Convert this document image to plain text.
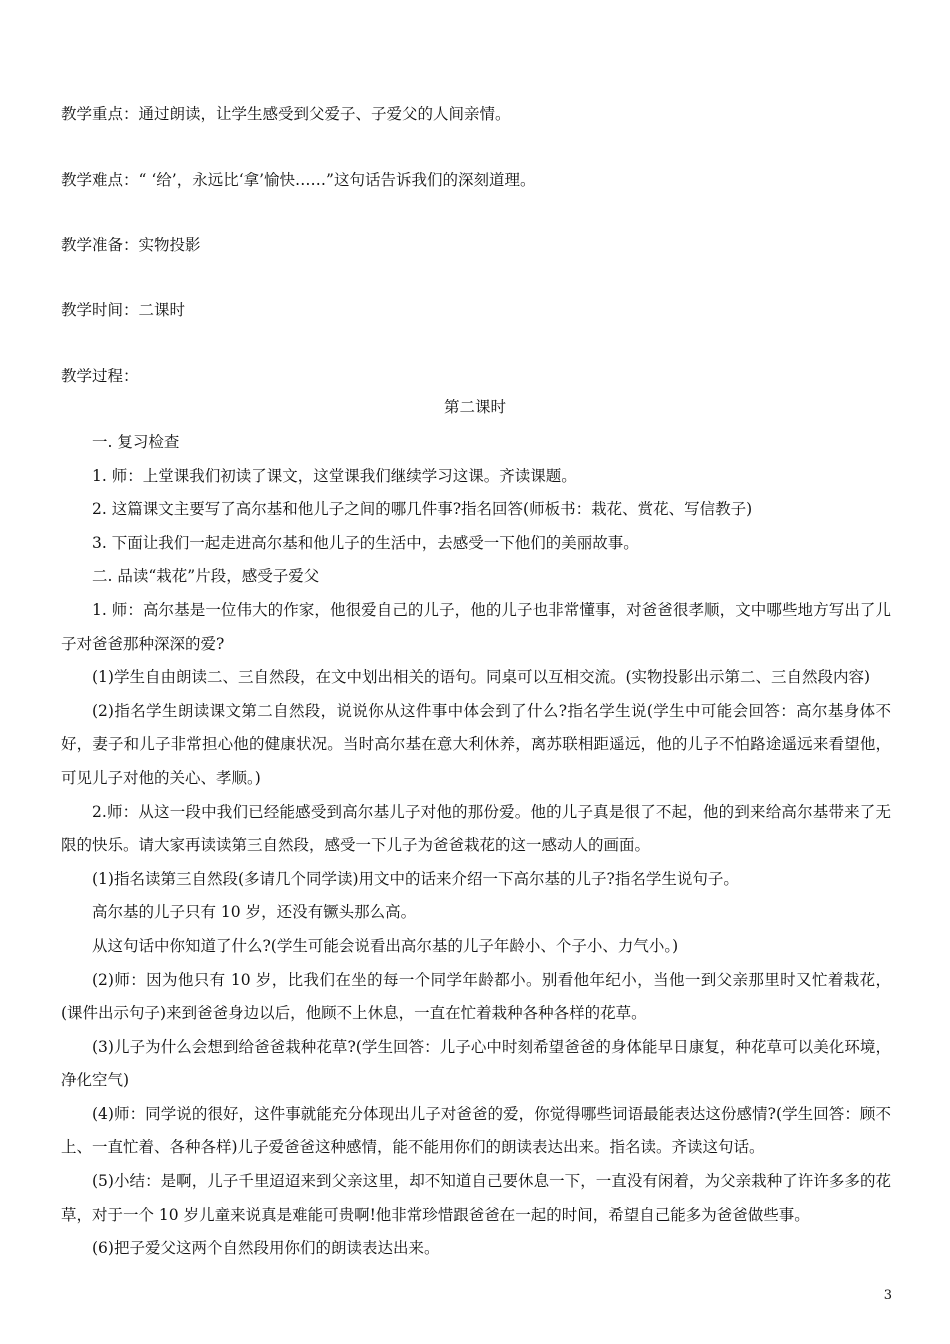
教学重点：通过朗读，让学生感受到父爱子、子爱父的人间亲情。
教学难点：“ ‘给’，永远比‘拿’愉快……”这句话告诉我们的深刻道理。
教学准备：实物投影
教学时间：二课时
教学过程：
第二课时

一. 复习检查

1. 师：上堂课我们初读了课文，这堂课我们继续学习这课。齐读课题。

2. 这篇课文主要写了高尔基和他儿子之间的哪几件事?指名回答(师板书：栽花、赏花、写信教子)

3. 下面让我们一起走进高尔基和他儿子的生活中，去感受一下他们的美丽故事。

二. 品读“栽花”片段，感受子爱父

1. 师：高尔基是一位伟大的作家，他很爱自己的儿子，他的儿子也非常懂事，对爸爸很孝顺，文中哪些地方写出了儿子对爸爸那种深深的爱?

(1)学生自由朗读二、三自然段，在文中划出相关的语句。同桌可以互相交流。(实物投影出示第二、三自然段内容)

(2)指名学生朗读课文第二自然段，说说你从这件事中体会到了什么?指名学生说(学生中可能会回答：高尔基身体不好，妻子和儿子非常担心他的健康状况。当时高尔基在意大利休养，离苏联相距遥远，他的儿子不怕路途遥远来看望他，可见儿子对他的关心、孝顺。)

2.师：从这一段中我们已经能感受到高尔基儿子对他的那份爱。他的儿子真是很了不起，他的到来给高尔基带来了无限的快乐。请大家再读读第三自然段，感受一下儿子为爸爸栽花的这一感动人的画面。

(1)指名读第三自然段(多请几个同学读)用文中的话来介绍一下高尔基的儿子?指名学生说句子。

高尔基的儿子只有 10 岁，还没有镢头那么高。

从这句话中你知道了什么?(学生可能会说看出高尔基的儿子年龄小、个子小、力气小。)

(2)师：因为他只有 10 岁，比我们在坐的每一个同学年龄都小。别看他年纪小，当他一到父亲那里时又忙着栽花，(课件出示句子)来到爸爸身边以后，他顾不上休息，一直在忙着栽种各种各样的花草。

(3)儿子为什么会想到给爸爸栽种花草?(学生回答：儿子心中时刻希望爸爸的身体能早日康复，种花草可以美化环境，净化空气)

(4)师：同学说的很好，这件事就能充分体现出儿子对爸爸的爱，你觉得哪些词语最能表达这份感情?(学生回答：顾不上、一直忙着、各种各样)儿子爱爸爸这种感情，能不能用你们的朗读表达出来。指名读。齐读这句话。

(5)小结：是啊，儿子千里迢迢来到父亲这里，却不知道自己要休息一下，一直没有闲着，为父亲栽种了许许多多的花草，对于一个 10 岁儿童来说真是难能可贵啊!他非常珍惜跟爸爸在一起的时间，希望自己能多为爸爸做些事。

(6)把子爱父这两个自然段用你们的朗读表达出来。

3
